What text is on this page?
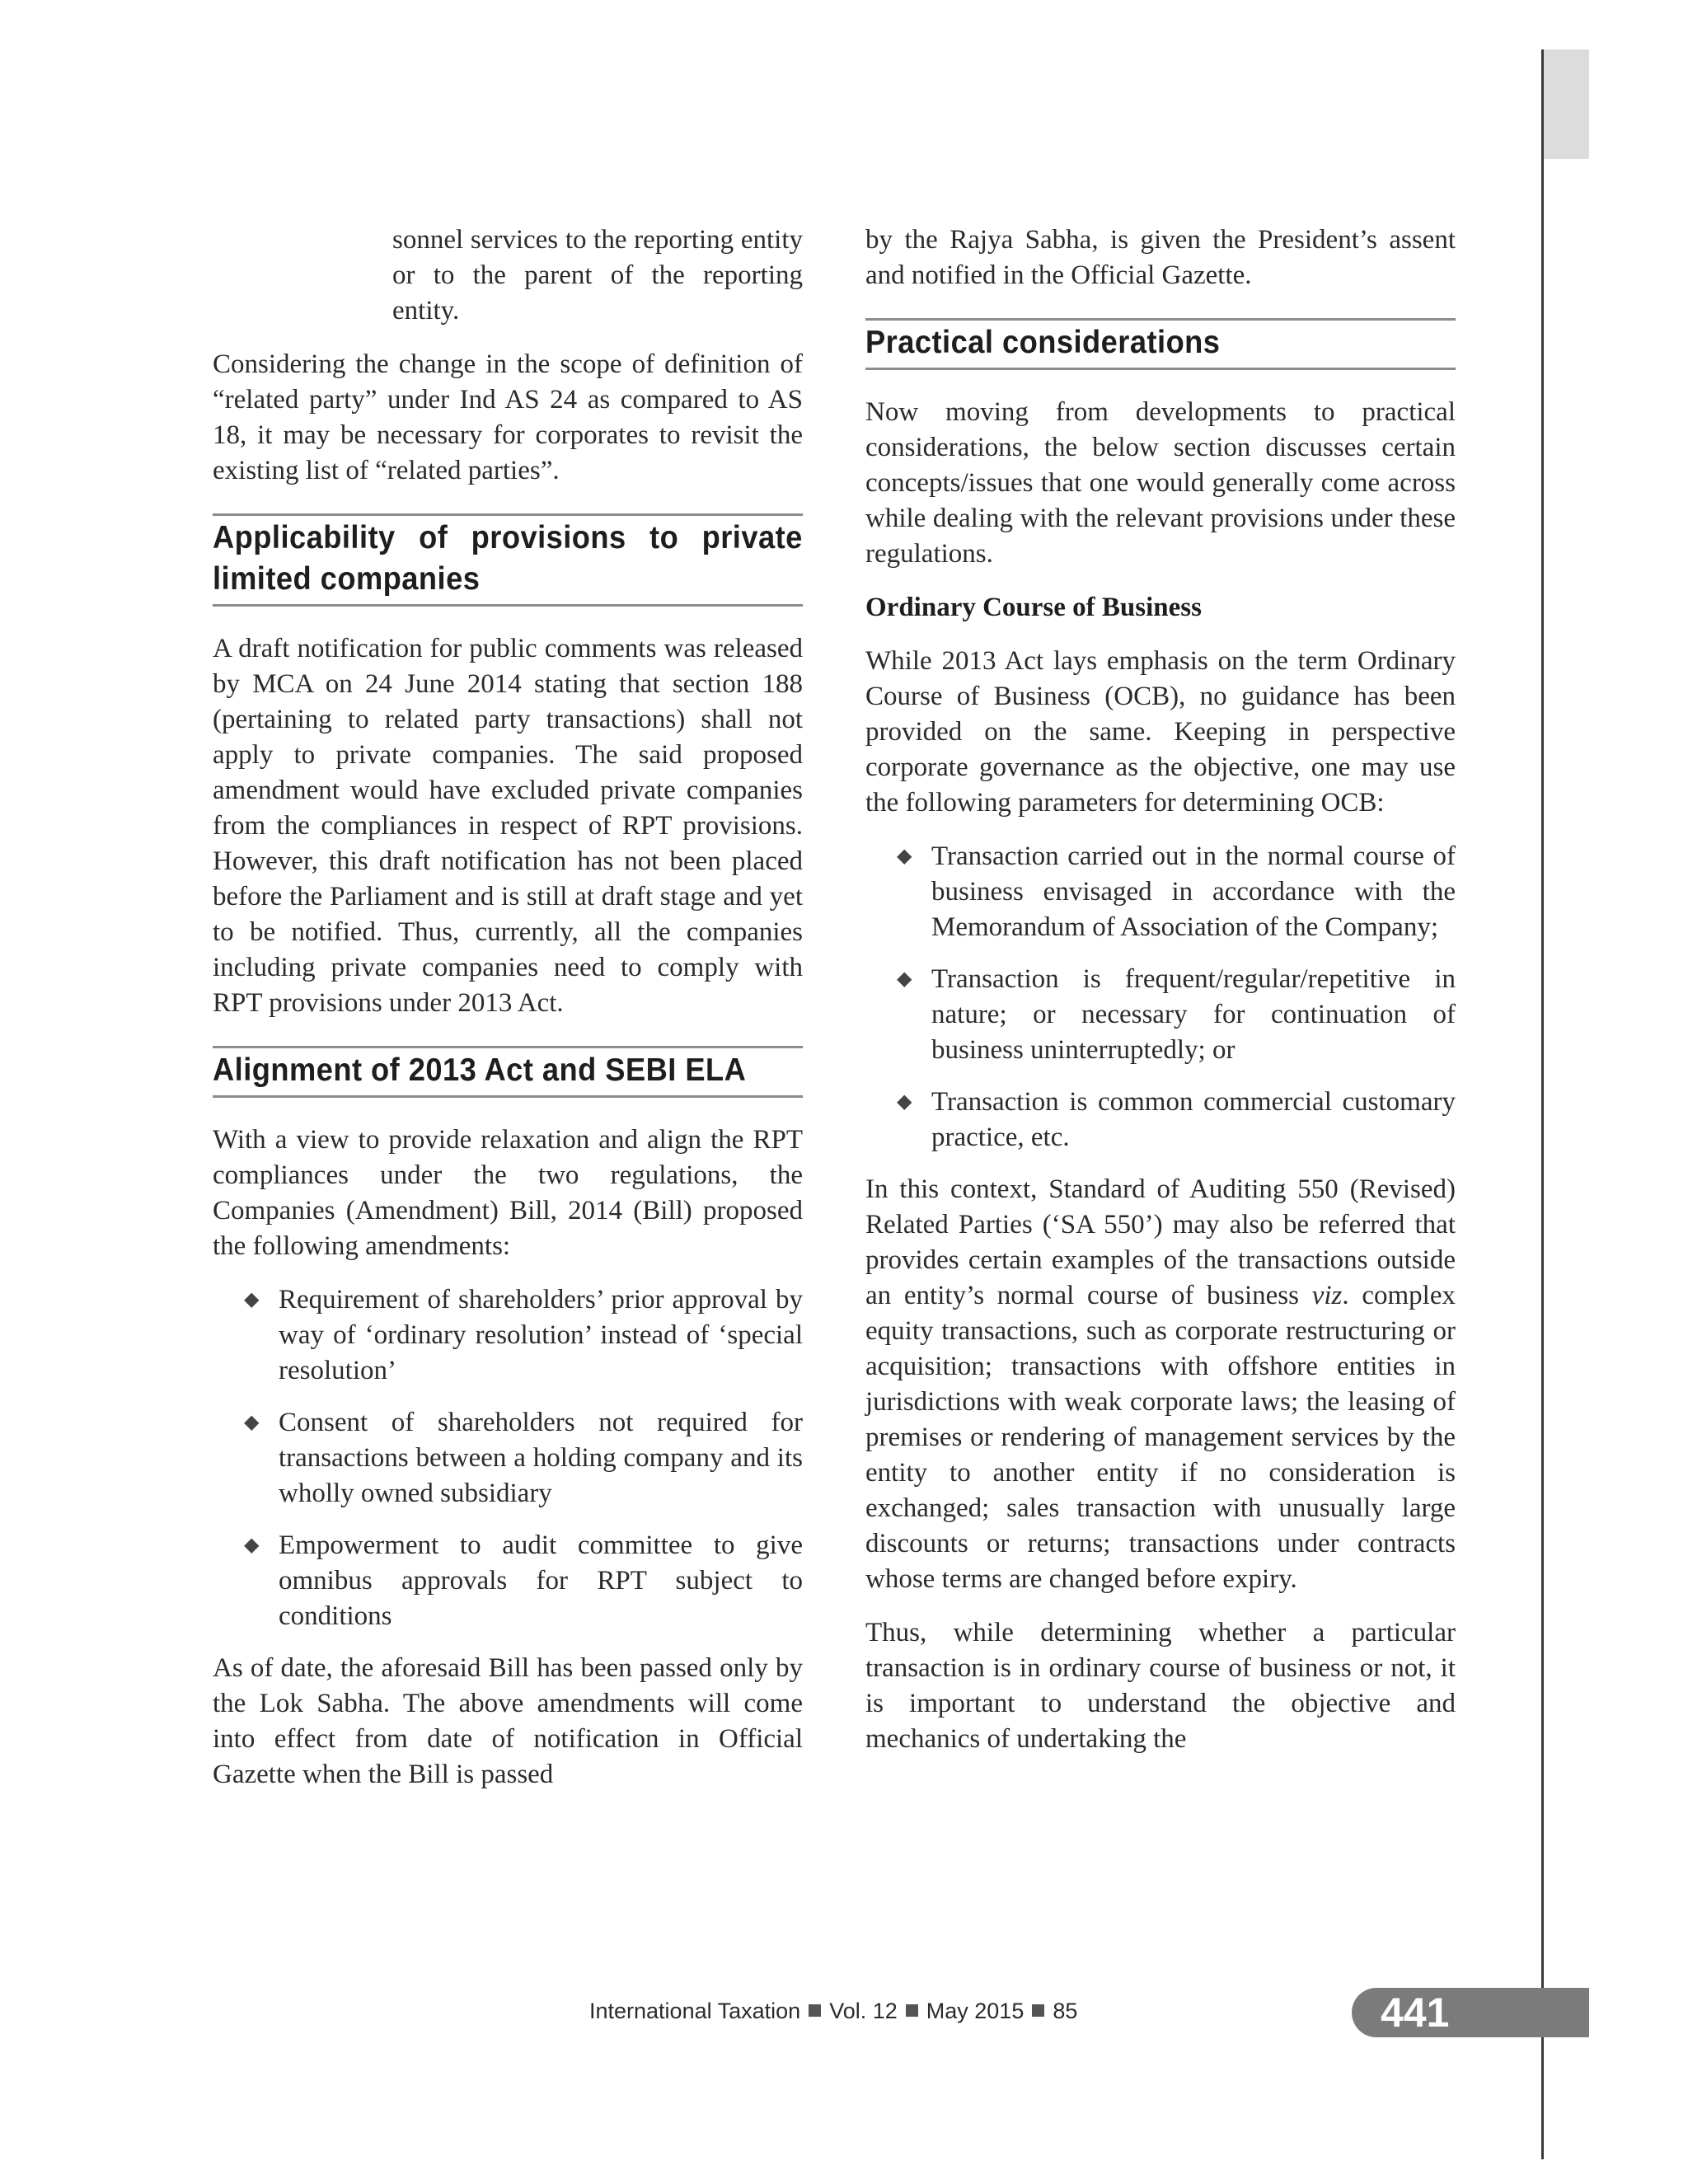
sonnel services to the reporting entity or to the parent of the reporting entity.

Considering the change in the scope of definition of “related party” under Ind AS 24 as compared to AS 18, it may be necessary for corporates to revisit the existing list of “related parties”.

Applicability of provisions to private limited companies

A draft notification for public comments was released by MCA on 24 June 2014 stating that section 188 (pertaining to related party transactions) shall not apply to private companies. The said proposed amendment would have excluded private companies from the compliances in respect of RPT provisions. However, this draft notification has not been placed before the Parliament and is still at draft stage and yet to be notified. Thus, currently, all the companies including private companies need to comply with RPT provisions under 2013 Act.

Alignment of 2013 Act and SEBI ELA

With a view to provide relaxation and align the RPT compliances under the two regulations, the Companies (Amendment) Bill, 2014 (Bill) proposed the following amendments:

◆ Requirement of shareholders’ prior approval by way of ‘ordinary resolution’ instead of ‘special resolution’
◆ Consent of shareholders not required for transactions between a holding company and its wholly owned subsidiary
◆ Empowerment to audit committee to give omnibus approvals for RPT subject to conditions

As of date, the aforesaid Bill has been passed only by the Lok Sabha. The above amendments will come into effect from date of notification in Official Gazette when the Bill is passed

by the Rajya Sabha, is given the President’s assent and notified in the Official Gazette.

Practical considerations

Now moving from developments to practical considerations, the below section discusses certain concepts/issues that one would generally come across while dealing with the relevant provisions under these regulations.

Ordinary Course of Business

While 2013 Act lays emphasis on the term Ordinary Course of Business (OCB), no guidance has been provided on the same. Keeping in perspective corporate governance as the objective, one may use the following parameters for determining OCB:

◆ Transaction carried out in the normal course of business envisaged in accordance with the Memorandum of Association of the Company;
◆ Transaction is frequent/regular/repetitive in nature; or necessary for continuation of business uninterruptedly; or
◆ Transaction is common commercial customary practice, etc.

In this context, Standard of Auditing 550 (Revised) Related Parties (‘SA 550’) may also be referred that provides certain examples of the transactions outside an entity’s normal course of business viz. complex equity transactions, such as corporate restructuring or acquisition; transactions with offshore entities in jurisdictions with weak corporate laws; the leasing of premises or rendering of management services by the entity to another entity if no consideration is exchanged; sales transaction with unusually large discounts or returns; transactions under contracts whose terms are changed before expiry.

Thus, while determining whether a particular transaction is in ordinary course of business or not, it is important to understand the objective and mechanics of undertaking the

International Taxation Vol. 12 May 2015 85	441
